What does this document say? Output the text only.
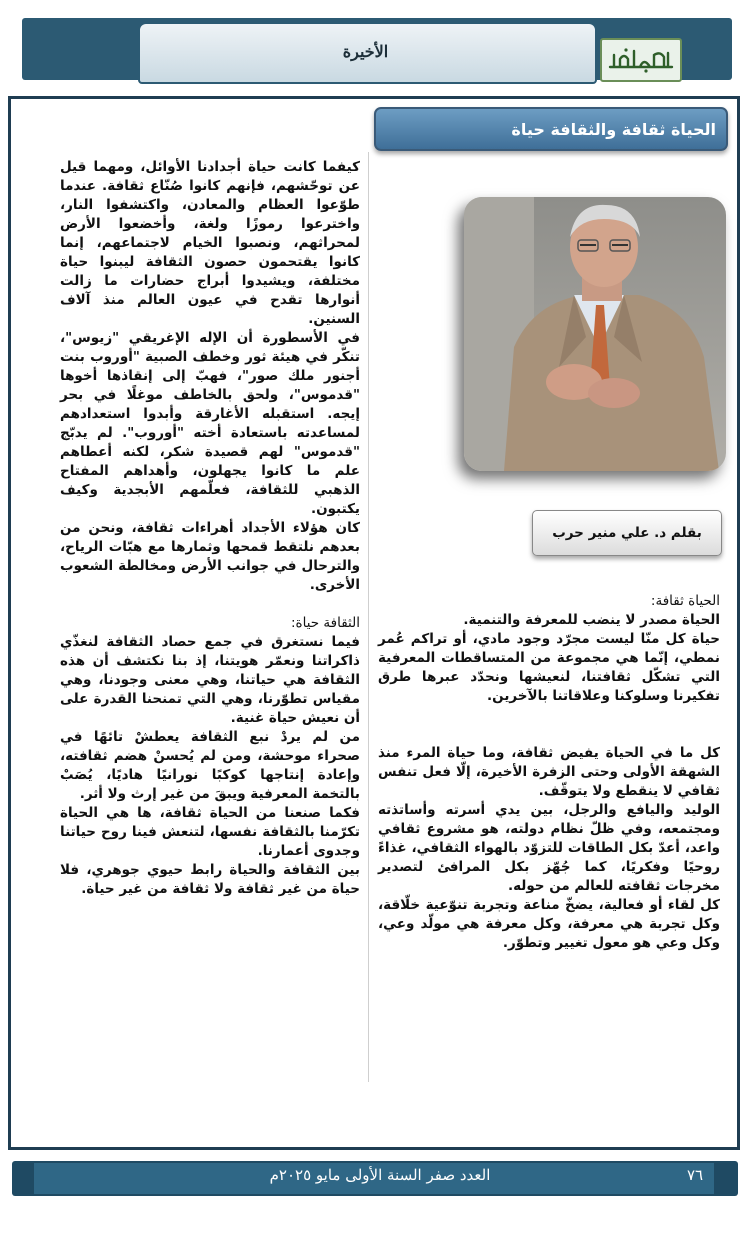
الأخيرة
الحياة ثقافة والثقافة حياة
بقلم د. علي منير حرب

كيفما كانت حياة أجدادنا الأوائل، ومهما قيل عن توحّشهم، فإنهم كانوا صُنّاع ثقافة. عندما طوّعوا العظام والمعادن، واكتشفوا النار، واخترعوا رموزًا ولغة، وأخضعوا الأرض لمحراثهم، ونصبوا الخيام لاجتماعهم، إنما كانوا يقتحمون حصون الثقافة ليبنوا حياة مختلفة، ويشيدوا أبراج حضارات ما زالت أنوارها تقدح في عيون العالم منذ آلاف السنين.

في الأسطورة أن الإله الإغريقي "زيوس"، تنكّر في هيئة ثور وخطف الصبية "أوروب بنت أجنور ملك صور"، فهبّ إلى إنقاذها أخوها "قدموس"، ولحق بالخاطف موغلًا في بحر إيجه. استقبله الأغارقة وأبدوا استعدادهم لمساعدته باستعادة أخته "أوروب". لم يدبّج "قدموس" لهم قصيدة شكر، لكنه أعطاهم علم ما كانوا يجهلون، وأهداهم المفتاح الذهبي للثقافة، فعلّمهم الأبجدية وكيف يكتبون.

كان هؤلاء الأجداد أهراءات ثقافة، ونحن من بعدهم نلتقط قمحها وثمارها مع هبّات الرياح، والترحال في جوانب الأرض ومخالطة الشعوب الأخرى.

الثقافة حياة:

فيما نستغرق في جمع حصاد الثقافة لنغذّي ذاكراتنا ونعمّر هويتنا، إذ بنا نكتشف أن هذه الثقافة هي حياتنا، وهي معنى وجودنا، وهي مقياس تطوّرنا، وهي التي تمنحنا القدرة على أن نعيش حياة غنية.

من لم يردْ نبع الثقافة يعطشْ تائهًا في صحراء موحشة، ومن لم يُحسنْ هضم ثقافته، وإعادة إنتاجها كوكبًا نورانيًا هاديًا، يُصَبْ بالتخمة المعرفية ويبقَ من غير إرث ولا أثر.

فكما صنعنا من الحياة ثقافة، ها هي الحياة تكرّمنا بالثقافة نفسها، لتنعش فينا روح حياتنا وجدوى أعمارنا.

بين الثقافة والحياة رابط حيوي جوهري، فلا حياة من غير ثقافة ولا ثقافة من غير حياة.

الحياة ثقافة:

الحياة مصدر لا ينضب للمعرفة والتنمية.

حياة كل منّا ليست مجرّد وجود مادي، أو تراكم عُمر نمطي، إنّما هي مجموعة من المتساقطات المعرفية التي تشكّل ثقافتنا، لنعيشها ونحدّد عبرها طرق تفكيرنا وسلوكنا وعلاقاتنا بالآخرين.

كل ما في الحياة يفيض ثقافة، وما حياة المرء منذ الشهقة الأولى وحتى الزفرة الأخيرة، إلّا فعل تنفس ثقافي لا ينقطع ولا يتوقّف.

الوليد واليافع والرجل، بين يدي أسرته وأساتذته ومجتمعه، وفي ظلّ نظام دولته، هو مشروع ثقافي واعد، أعدّ بكل الطاقات للتزوّد بالهواء الثقافي، غذاءً روحيًا وفكريًا، كما جُهّز بكل المرافئ لتصدير مخرجات ثقافته للعالم من حوله.

كل لقاء أو فعالية، يضخّ مناعة وتجربة تنوّعية خلّاقة، وكل تجربة هي معرفة، وكل معرفة هي مولّد وعي، وكل وعي هو معول تغيير وتطوّر.

٧٦
العدد صفر السنة الأولى مايو ٢٠٢٥م
